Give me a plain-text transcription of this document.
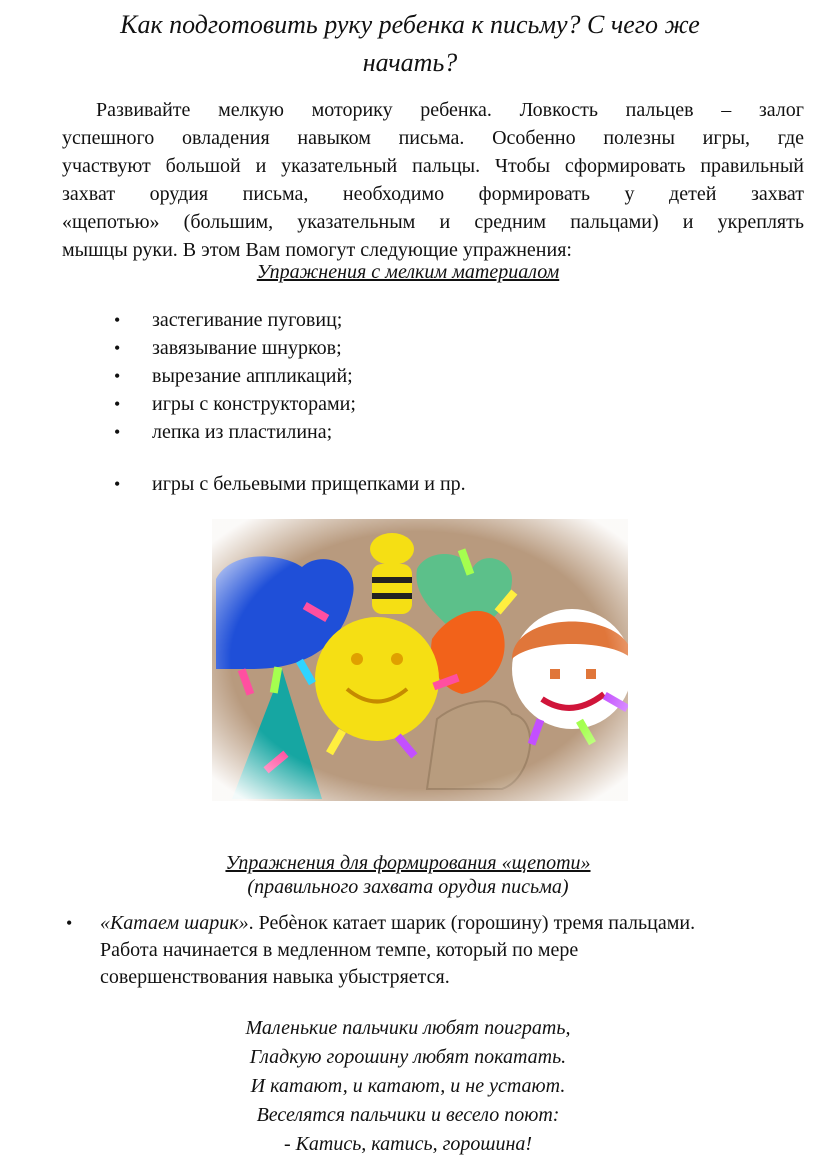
Как подготовить руку ребенка к письму? С чего же
начать?
Развивайте мелкую моторику ребенка. Ловкость пальцев – залог
успешного овладения навыком письма. Особенно полезны игры, где
участвуют большой и указательный пальцы. Чтобы сформировать правильный
захват орудия письма, необходимо формировать у детей захват
«щепотью» (большим, указательным и средним пальцами) и укреплять
мышцы руки. В этом Вам помогут следующие упражнения:

Упражнения с мелким материалом

• застегивание пуговиц;
• завязывание шнурков;
• вырезание аппликаций;
• игры с конструкторами;
• лепка из пластилина;
• игры с бельевыми прищепками и пр.

Упражнения для формирования «щепоти»

(правильного захвата орудия письма)

• «Катаем шарик». Ребѐнок катает шарик (горошину) тремя пальцами.
Работа начинается в медленном темпе, который по мере
совершенствования навыка убыстряется.
Маленькие пальчики любят поиграть,
Гладкую горошину любят покатать.
И катают, и катают, и не устают.
Веселятся пальчики и весело поют:
- Катись, катись, горошина!
